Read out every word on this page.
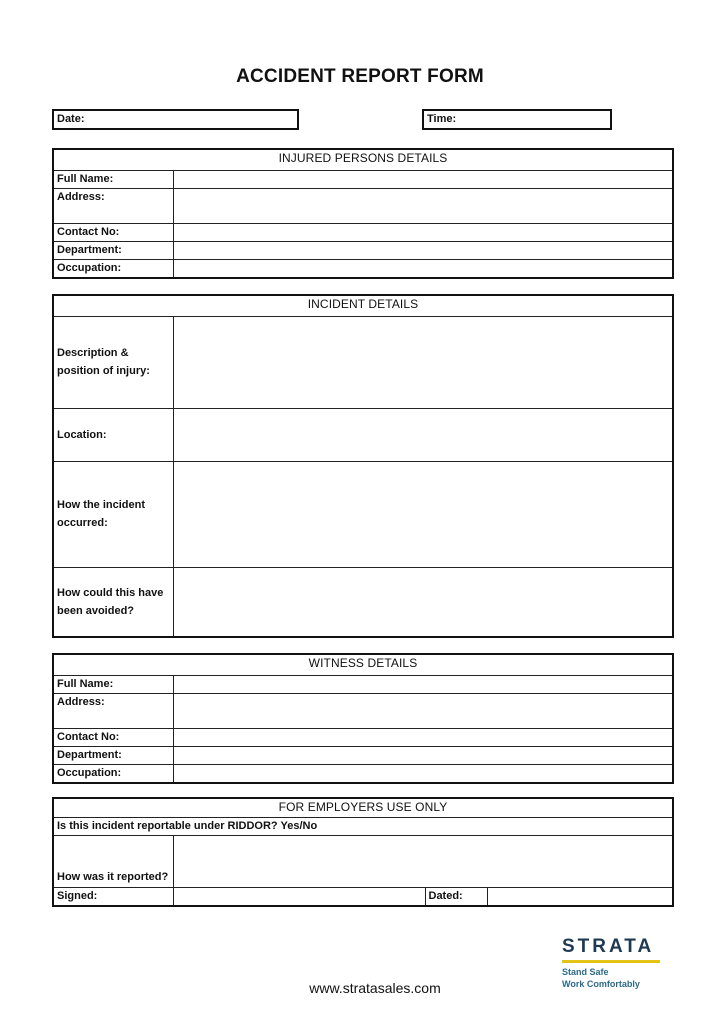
ACCIDENT REPORT FORM
Date:	Time:
INJURED PERSONS DETAILS	
Full Name:	
Address:	
Contact No:	
Department:	
Occupation:	
INCIDENT DETAILS	
Description & position of injury:	
Location:	
How the incident occurred:	
How could this have been avoided?	
WITNESS DETAILS	
Full Name:	
Address:	
Contact No:	
Department:	
Occupation:	
FOR EMPLOYERS USE ONLY			
Is this incident reportable under RIDDOR? Yes/No			
How was it reported?			
Signed:		Dated:	
STRATA
Stand Safe
Work Comfortably
www.stratasales.com
